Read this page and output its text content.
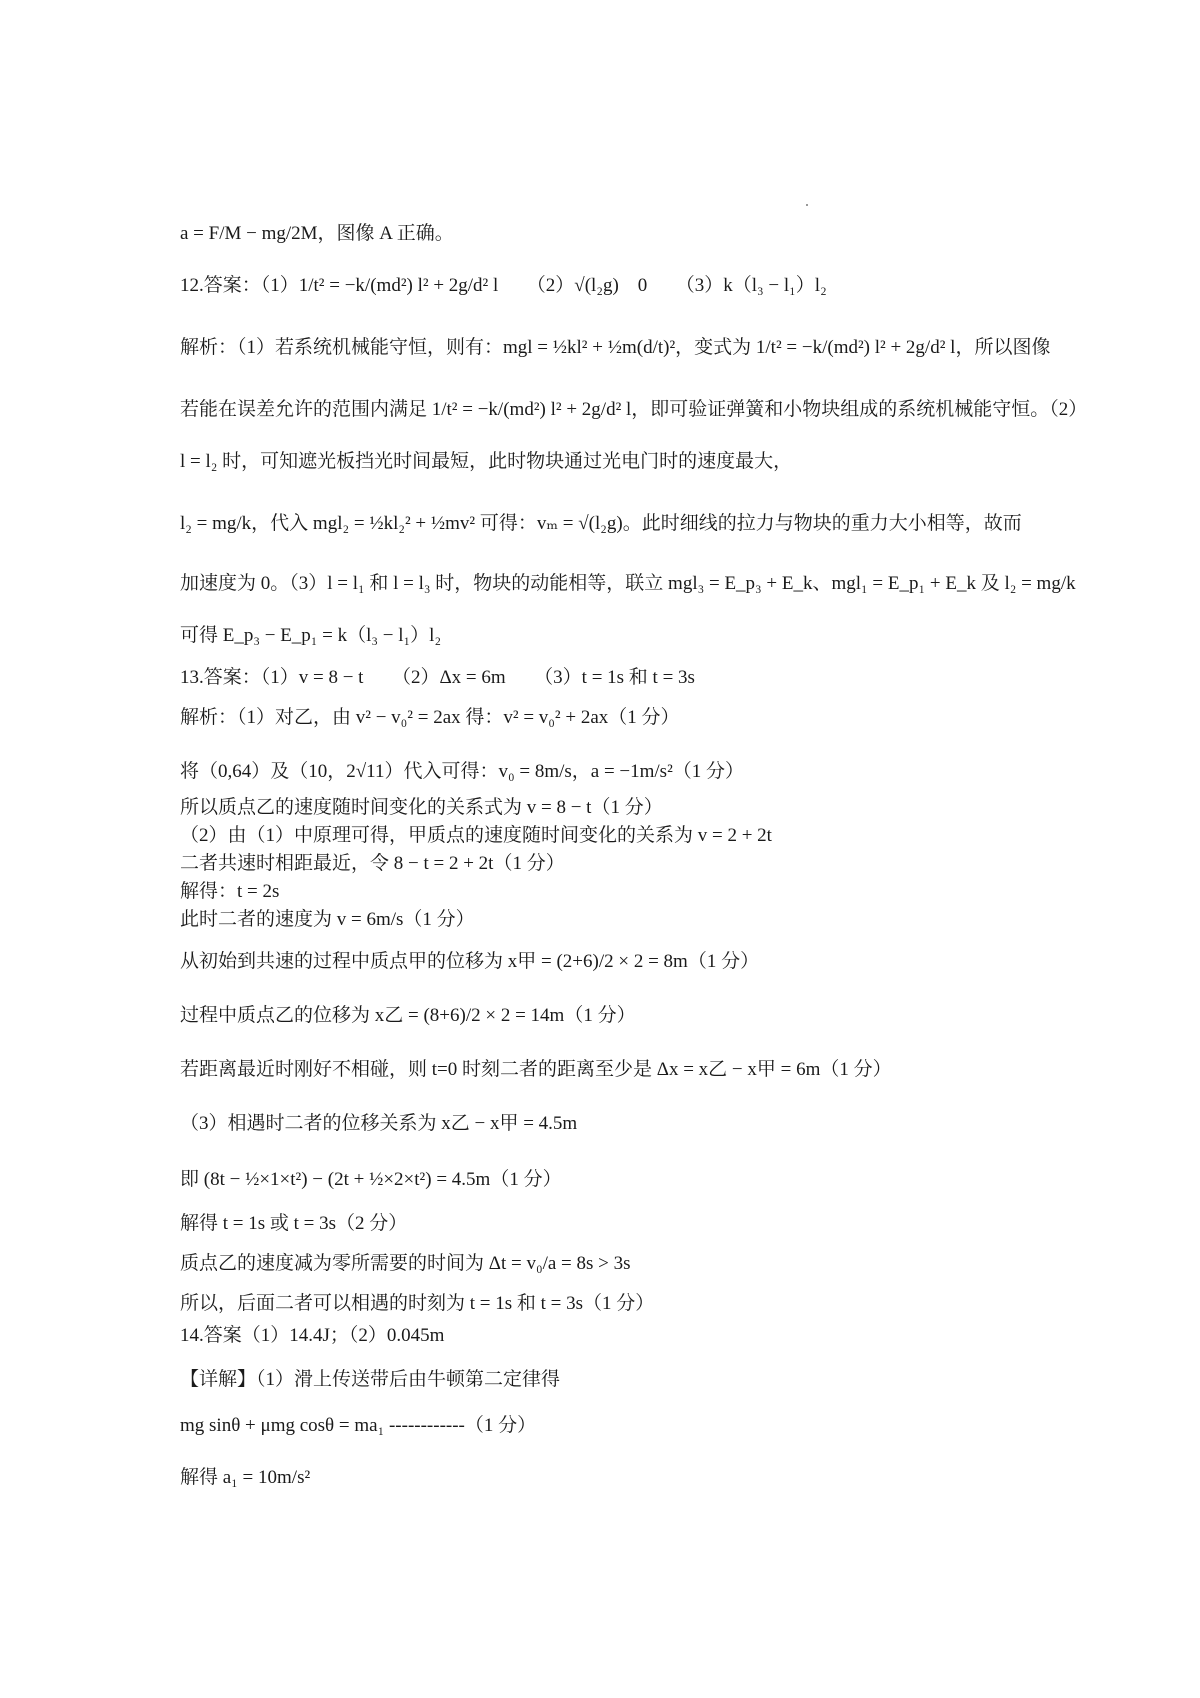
a = F/M − mg/2M，图像 A 正确。
12.答案：（1）1/t² = −k/(md²) l² + 2g/d² l　　（2）√(l₂g)　0　　（3）k（l₃ − l₁）l₂
解析：（1）若系统机械能守恒，则有：mgl = ½kl² + ½m(d/t)²，变式为 1/t² = −k/(md²) l² + 2g/d² l，所以图像
若能在误差允许的范围内满足 1/t² = −k/(md²) l² + 2g/d² l，即可验证弹簧和小物块组成的系统机械能守恒。（2）
l = l₂ 时，可知遮光板挡光时间最短，此时物块通过光电门时的速度最大，
l₂ = mg/k，代入 mgl₂ = ½kl₂² + ½mv² 可得：vₘ = √(l₂g)。此时细线的拉力与物块的重力大小相等，故而
加速度为 0。（3）l = l₁ 和 l = l₃ 时，物块的动能相等，联立 mgl₃ = E_p₃ + E_k、mgl₁ = E_p₁ + E_k 及 l₂ = mg/k
可得 E_p₃ − E_p₁ = k（l₃ − l₁）l₂
13.答案：（1）v = 8 − t　　（2）Δx = 6m　　（3）t = 1s 和 t = 3s
解析：（1）对乙，由 v² − v₀² = 2ax 得：v² = v₀² + 2ax（1 分）
将（0,64）及（10，2√11）代入可得：v₀ = 8m/s，a = −1m/s²（1 分）
所以质点乙的速度随时间变化的关系式为 v = 8 − t（1 分）
（2）由（1）中原理可得，甲质点的速度随时间变化的关系为 v = 2 + 2t
二者共速时相距最近，令 8 − t = 2 + 2t（1 分）
解得：t = 2s
此时二者的速度为 v = 6m/s（1 分）
从初始到共速的过程中质点甲的位移为 x甲 = (2+6)/2 × 2 = 8m（1 分）
过程中质点乙的位移为 x乙 = (8+6)/2 × 2 = 14m（1 分）
若距离最近时刚好不相碰，则 t=0 时刻二者的距离至少是 Δx = x乙 − x甲 = 6m（1 分）
（3）相遇时二者的位移关系为 x乙 − x甲 = 4.5m
即 (8t − ½×1×t²) − (2t + ½×2×t²) = 4.5m（1 分）
解得 t = 1s 或 t = 3s（2 分）
质点乙的速度减为零所需要的时间为 Δt = v₀/a = 8s > 3s
所以，后面二者可以相遇的时刻为 t = 1s 和 t = 3s（1 分）
14.答案（1）14.4J；（2）0.045m
【详解】（1）滑上传送带后由牛顿第二定律得
mg sinθ + μmg cosθ = ma₁ ------------（1 分）
解得 a₁ = 10m/s²
